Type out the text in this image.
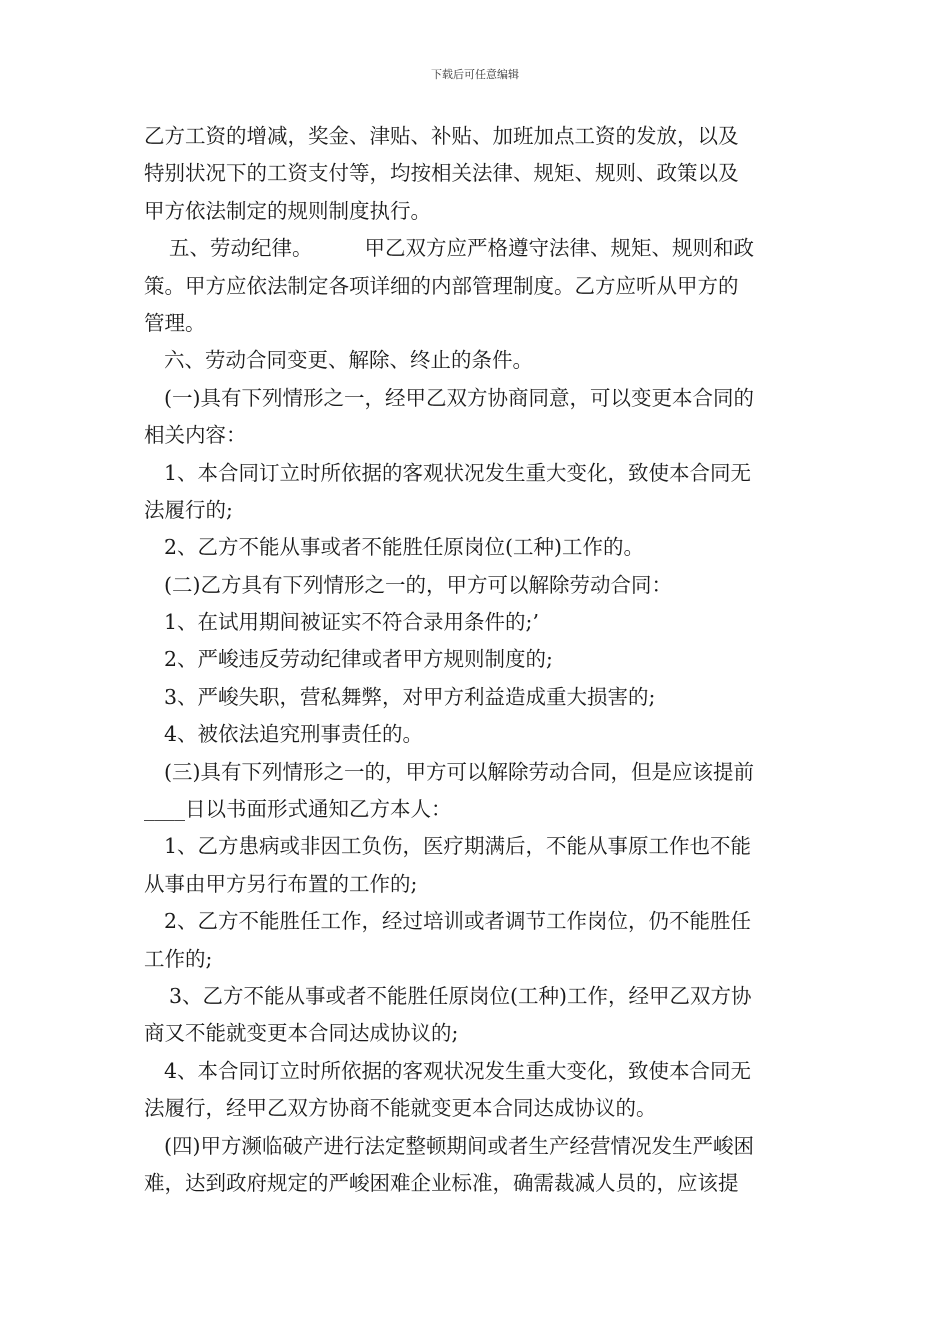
下载后可任意编辑
乙方工资的增减，奖金、津贴、补贴、加班加点工资的发放，以及
特别状况下的工资支付等，均按相关法律、规矩、规则、政策以及
甲方依法制定的规则制度执行。
五、劳动纪律。	甲乙双方应严格遵守法律、规矩、规则和政
策。甲方应依法制定各项详细的内部管理制度。乙方应听从甲方的
管理。
六、劳动合同变更、解除、终止的条件。
(一)具有下列情形之一，经甲乙双方协商同意，可以变更本合同的
相关内容：
1、本合同订立时所依据的客观状况发生重大变化，致使本合同无
法履行的;
2、乙方不能从事或者不能胜任原岗位(工种)工作的。
(二)乙方具有下列情形之一的，甲方可以解除劳动合同：
1、在试用期间被证实不符合录用条件的;’
2、严峻违反劳动纪律或者甲方规则制度的;
3、严峻失职，营私舞弊，对甲方利益造成重大损害的;
4、被依法追究刑事责任的。
(三)具有下列情形之一的，甲方可以解除劳动合同，但是应该提前
____日以书面形式通知乙方本人：
1、乙方患病或非因工负伤，医疗期满后，不能从事原工作也不能
从事由甲方另行布置的工作的;
2、乙方不能胜任工作，经过培训或者调节工作岗位，仍不能胜任
工作的;
3、乙方不能从事或者不能胜任原岗位(工种)工作，经甲乙双方协
商又不能就变更本合同达成协议的;
4、本合同订立时所依据的客观状况发生重大变化，致使本合同无
法履行，经甲乙双方协商不能就变更本合同达成协议的。
(四)甲方濒临破产进行法定整顿期间或者生产经营情况发生严峻困
难，达到政府规定的严峻困难企业标准，确需裁减人员的，应该提
